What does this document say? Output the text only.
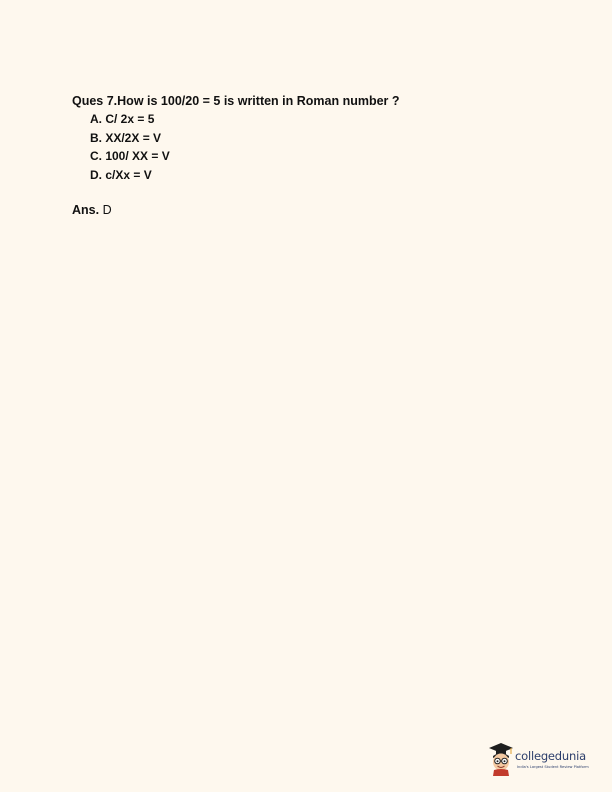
Ques 7.How is 100/20 = 5 is written in Roman number ?

A. C/ 2x = 5
B. XX/2X = V
C. 100/ XX = V
D. c/Xx = V
Ans. D
collegedunia
India's Largest Student Review Platform
